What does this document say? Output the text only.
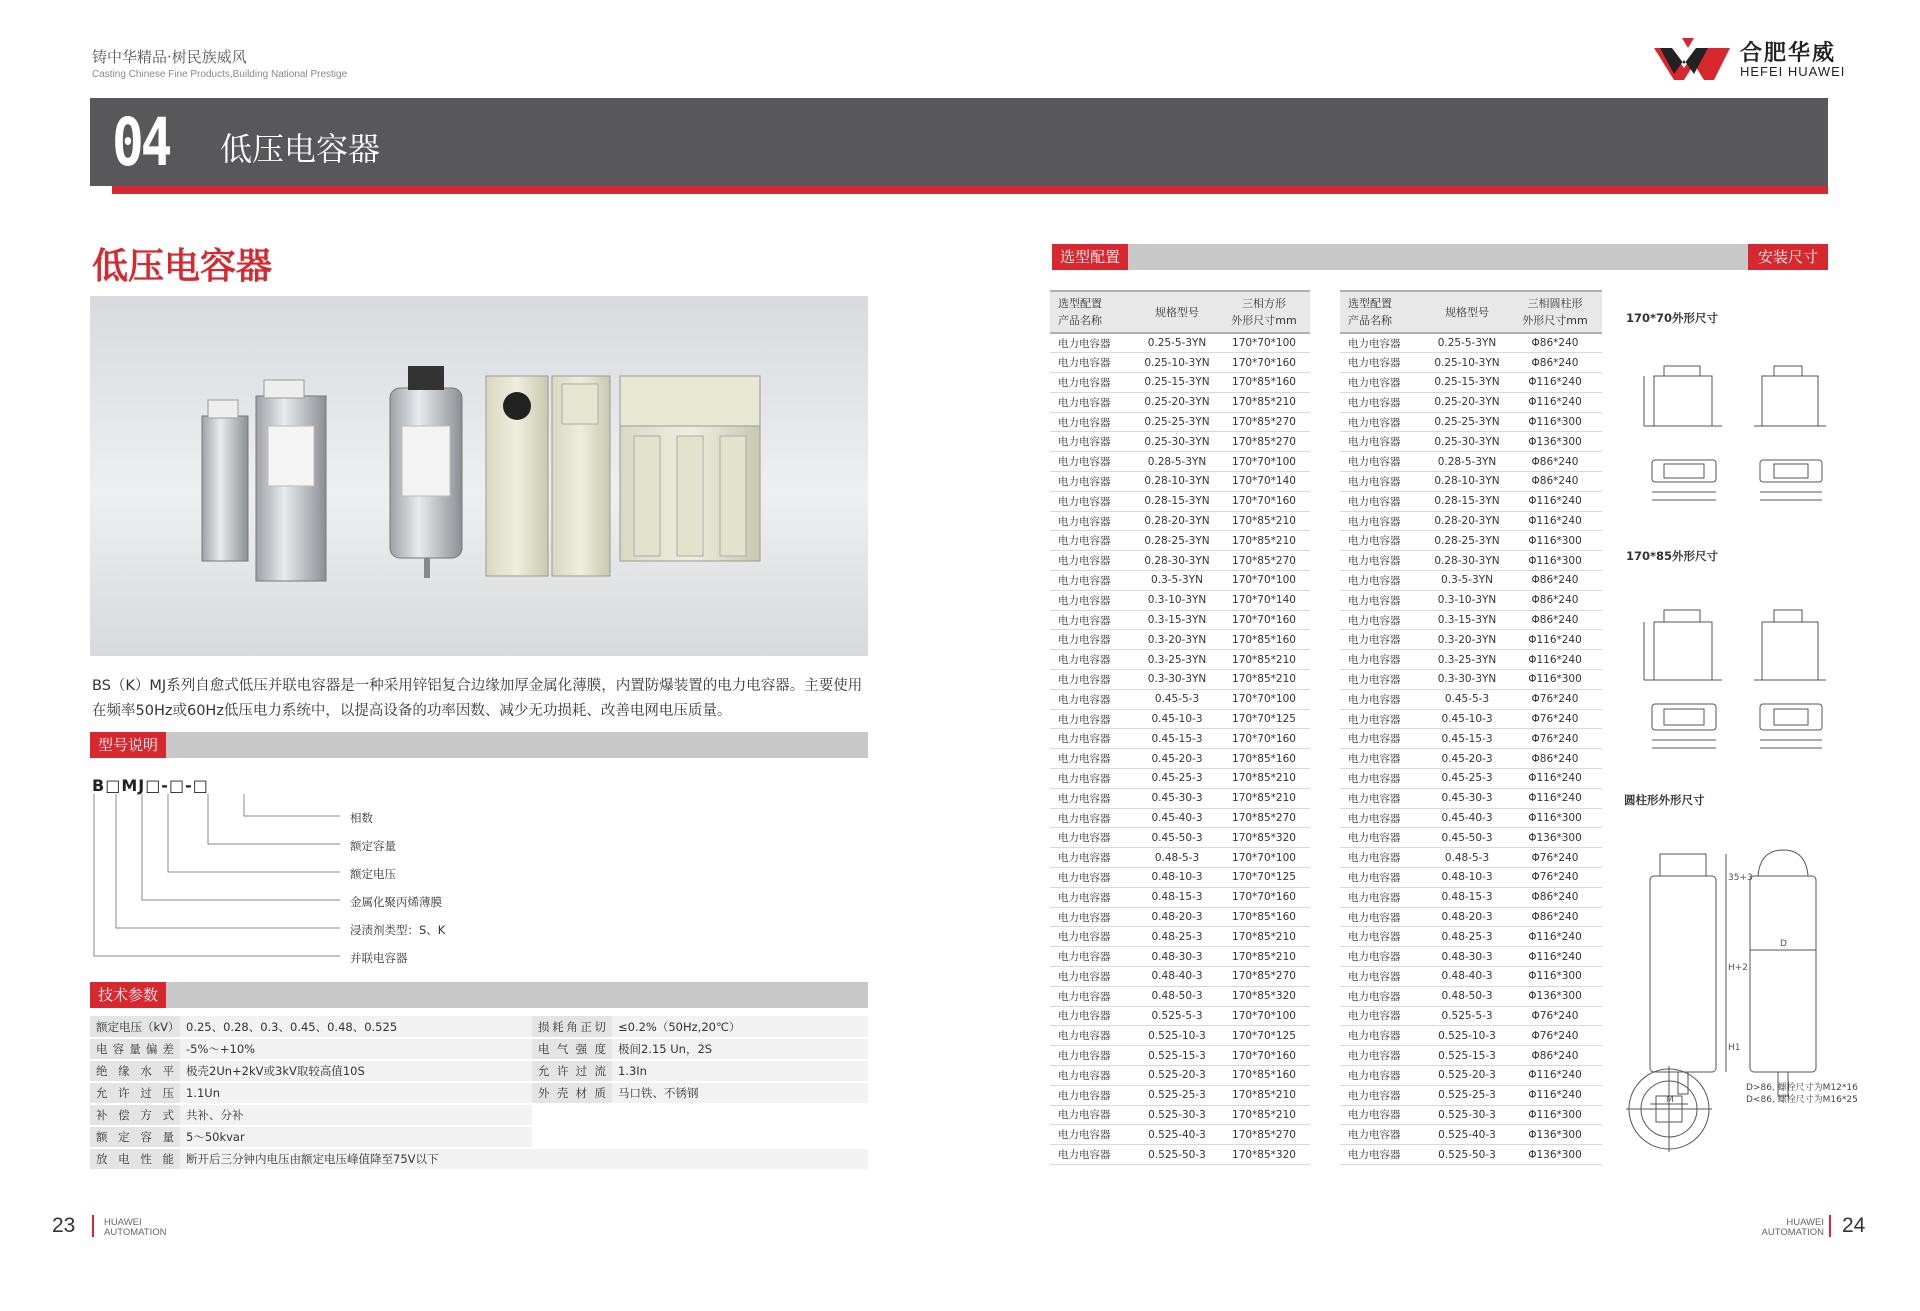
铸中华精品·树民族威风
Casting Chinese Fine Products,Building National Prestige
合肥华威
HEFEI HUAWEI
04 低压电容器
低压电容器
BS（K）MJ系列自愈式低压并联电容器是一种采用锌铝复合边缘加厚金属化薄膜，内置防爆装置的电力电容器。主要使用在频率50Hz或60Hz低压电力系统中，以提高设备的功率因数、减少无功损耗、改善电网电压质量。
型号说明
B□MJ□-□-□
相数
额定容量
额定电压
金属化聚丙烯薄膜
浸渍剂类型：S、K
并联电容器
技术参数
额定电压（kV）	0.25、0.28、0.3、0.45、0.48、0.525	损耗角正切	≤0.2%（50Hz,20℃）
电容量偏差	-5%～+10%	电气强度	极间2.15 Un，2S
绝缘水平	极壳2Un+2kV或3kV取较高值10S	允许过流	1.3In
允许过压	1.1Un	外壳材质	马口铁、不锈钢
补偿方式	共补、分补		
额定容量	5～50kvar		
放电性能	断开后三分钟内电压由额定电压峰值降至75V以下		
23	HUAWEI
AUTOMATION
选型配置	安装尺寸
选型配置
产品名称	规格型号	三相方形
外形尺寸mm
电力电容器	0.25-5-3YN	170*70*100
电力电容器	0.25-10-3YN	170*70*160
电力电容器	0.25-15-3YN	170*85*160
电力电容器	0.25-20-3YN	170*85*210
电力电容器	0.25-25-3YN	170*85*270
电力电容器	0.25-30-3YN	170*85*270
电力电容器	0.28-5-3YN	170*70*100
电力电容器	0.28-10-3YN	170*70*140
电力电容器	0.28-15-3YN	170*70*160
电力电容器	0.28-20-3YN	170*85*210
电力电容器	0.28-25-3YN	170*85*210
电力电容器	0.28-30-3YN	170*85*270
电力电容器	0.3-5-3YN	170*70*100
电力电容器	0.3-10-3YN	170*70*140
电力电容器	0.3-15-3YN	170*70*160
电力电容器	0.3-20-3YN	170*85*160
电力电容器	0.3-25-3YN	170*85*210
电力电容器	0.3-30-3YN	170*85*210
电力电容器	0.45-5-3	170*70*100
电力电容器	0.45-10-3	170*70*125
电力电容器	0.45-15-3	170*70*160
电力电容器	0.45-20-3	170*85*160
电力电容器	0.45-25-3	170*85*210
电力电容器	0.45-30-3	170*85*210
电力电容器	0.45-40-3	170*85*270
电力电容器	0.45-50-3	170*85*320
电力电容器	0.48-5-3	170*70*100
电力电容器	0.48-10-3	170*70*125
电力电容器	0.48-15-3	170*70*160
电力电容器	0.48-20-3	170*85*160
电力电容器	0.48-25-3	170*85*210
电力电容器	0.48-30-3	170*85*210
电力电容器	0.48-40-3	170*85*270
电力电容器	0.48-50-3	170*85*320
电力电容器	0.525-5-3	170*70*100
电力电容器	0.525-10-3	170*70*125
电力电容器	0.525-15-3	170*70*160
电力电容器	0.525-20-3	170*85*160
电力电容器	0.525-25-3	170*85*210
电力电容器	0.525-30-3	170*85*210
电力电容器	0.525-40-3	170*85*270
电力电容器	0.525-50-3	170*85*320
选型配置
产品名称	规格型号	三相圆柱形
外形尺寸mm
电力电容器	0.25-5-3YN	Φ86*240
电力电容器	0.25-10-3YN	Φ86*240
电力电容器	0.25-15-3YN	Φ116*240
电力电容器	0.25-20-3YN	Φ116*240
电力电容器	0.25-25-3YN	Φ116*300
电力电容器	0.25-30-3YN	Φ136*300
电力电容器	0.28-5-3YN	Φ86*240
电力电容器	0.28-10-3YN	Φ86*240
电力电容器	0.28-15-3YN	Φ116*240
电力电容器	0.28-20-3YN	Φ116*240
电力电容器	0.28-25-3YN	Φ116*300
电力电容器	0.28-30-3YN	Φ116*300
电力电容器	0.3-5-3YN	Φ86*240
电力电容器	0.3-10-3YN	Φ86*240
电力电容器	0.3-15-3YN	Φ86*240
电力电容器	0.3-20-3YN	Φ116*240
电力电容器	0.3-25-3YN	Φ116*240
电力电容器	0.3-30-3YN	Φ116*300
电力电容器	0.45-5-3	Φ76*240
电力电容器	0.45-10-3	Φ76*240
电力电容器	0.45-15-3	Φ76*240
电力电容器	0.45-20-3	Φ86*240
电力电容器	0.45-25-3	Φ116*240
电力电容器	0.45-30-3	Φ116*240
电力电容器	0.45-40-3	Φ116*300
电力电容器	0.45-50-3	Φ136*300
电力电容器	0.48-5-3	Φ76*240
电力电容器	0.48-10-3	Φ76*240
电力电容器	0.48-15-3	Φ86*240
电力电容器	0.48-20-3	Φ86*240
电力电容器	0.48-25-3	Φ116*240
电力电容器	0.48-30-3	Φ116*240
电力电容器	0.48-40-3	Φ116*300
电力电容器	0.48-50-3	Φ136*300
电力电容器	0.525-5-3	Φ76*240
电力电容器	0.525-10-3	Φ76*240
电力电容器	0.525-15-3	Φ86*240
电力电容器	0.525-20-3	Φ116*240
电力电容器	0.525-25-3	Φ116*240
电力电容器	0.525-30-3	Φ116*300
电力电容器	0.525-40-3	Φ136*300
电力电容器	0.525-50-3	Φ136*300
170*70外形尺寸
170*85外形尺寸
圆柱形外形尺寸
35+3
H+2
H1
D
M
D>86, 螺栓尺寸为M12*16
D<86, 螺栓尺寸为M16*25
HUAWEI
AUTOMATION 24
